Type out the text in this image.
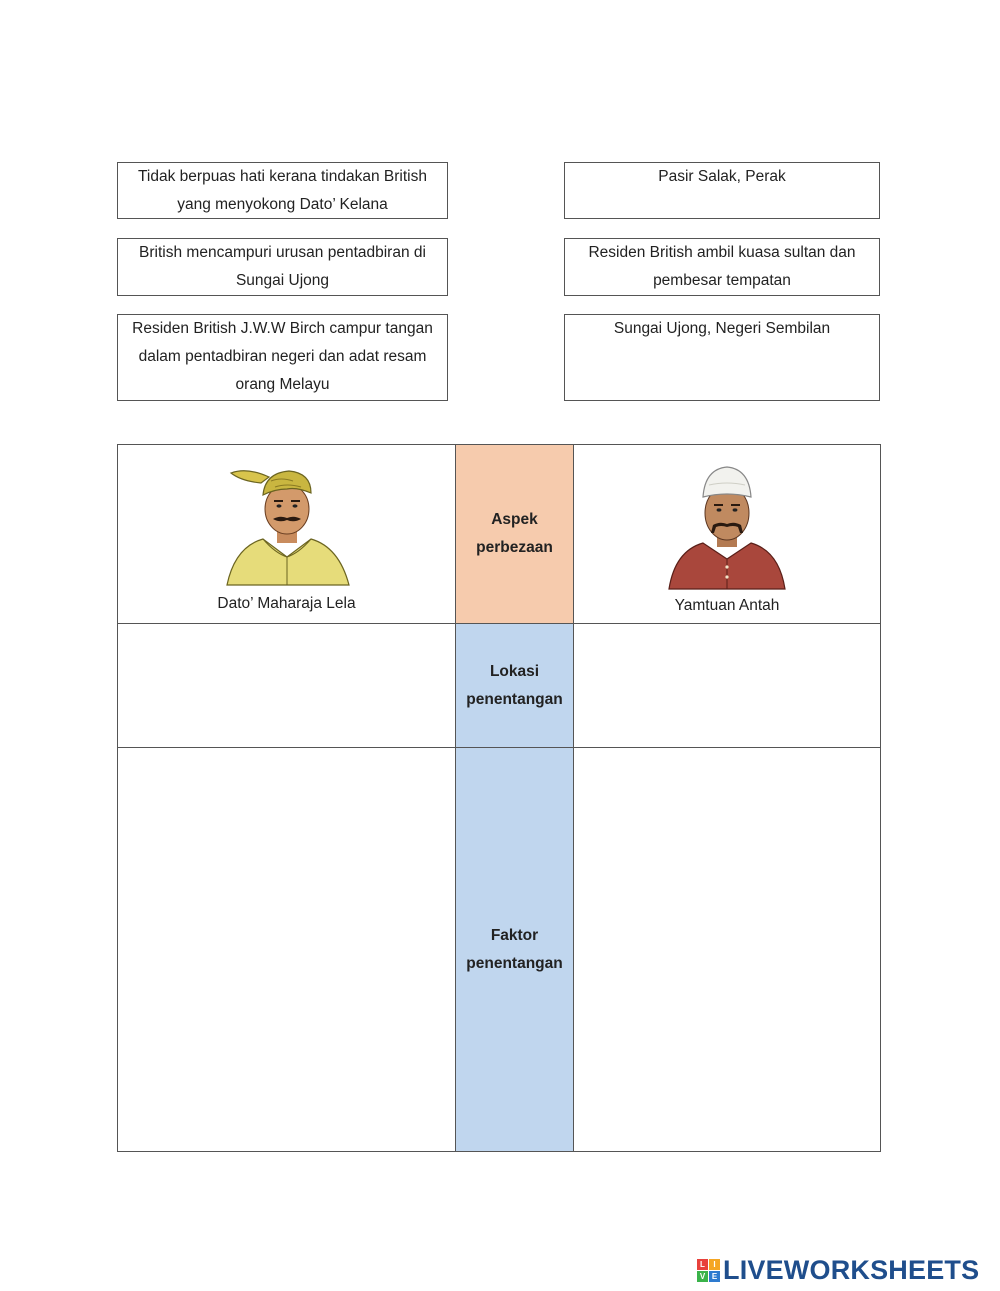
Tidak berpuas hati kerana tindakan British yang menyokong Dato’ Kelana
Pasir Salak, Perak
British mencampuri urusan pentadbiran di Sungai Ujong
Residen British ambil kuasa sultan dan pembesar tempatan
Residen British J.W.W Birch campur tangan dalam pentadbiran negeri dan adat resam orang Melayu
Sungai Ujong, Negeri Sembilan
Dato’ Maharaja Lela	Aspek perbezaan	Yamtuan Antah

	Lokasi penentangan	
	Faktor penentangan	
L	I
V E LIVEWORKSHEETS
